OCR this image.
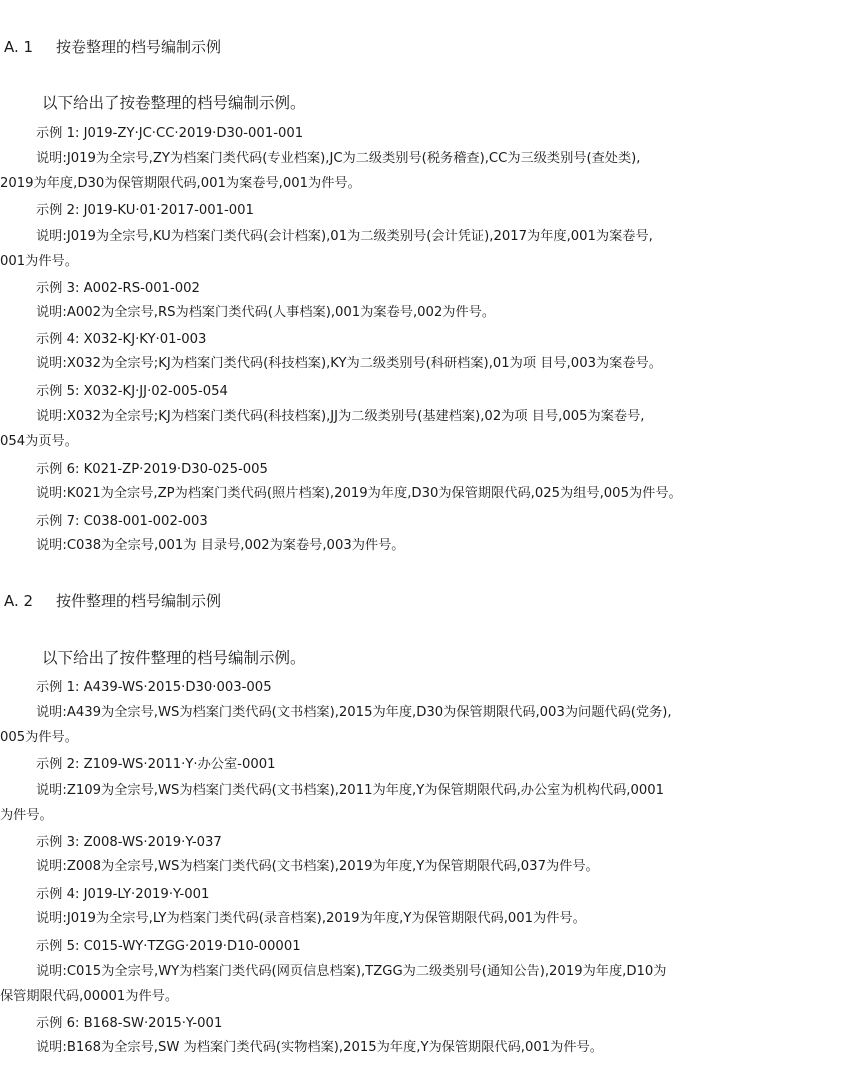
A. 1 按卷整理的档号编制示例
以下给出了按卷整理的档号编制示例。
示例 1: J019-ZY·JC·CC·2019·D30-001-001
说明:J019为全宗号,ZY为档案门类代码(专业档案),JC为二级类别号(税务稽查),CC为三级类别号(查处类),
2019为年度,D30为保管期限代码,001为案卷号,001为件号。
示例 2: J019-KU·01·2017-001-001
说明:J019为全宗号,KU为档案门类代码(会计档案),01为二级类别号(会计凭证),2017为年度,001为案卷号,
001为件号。
示例 3: A002-RS-001-002
说明:A002为全宗号,RS为档案门类代码(人事档案),001为案卷号,002为件号。
示例 4: X032-KJ·KY·01-003
说明:X032为全宗号;KJ为档案门类代码(科技档案),KY为二级类别号(科研档案),01为项 目号,003为案卷号。
示例 5: X032-KJ·JJ·02-005-054
说明:X032为全宗号;KJ为档案门类代码(科技档案),JJ为二级类别号(基建档案),02为项 目号,005为案卷号,
054为页号。
示例 6: K021-ZP·2019·D30-025-005
说明:K021为全宗号,ZP为档案门类代码(照片档案),2019为年度,D30为保管期限代码,025为组号,005为件号。
示例 7: C038-001-002-003
说明:C038为全宗号,001为 目录号,002为案卷号,003为件号。
A. 2 按件整理的档号编制示例
以下给出了按件整理的档号编制示例。
示例 1: A439-WS·2015·D30·003-005
说明:A439为全宗号,WS为档案门类代码(文书档案),2015为年度,D30为保管期限代码,003为问题代码(党务),
005为件号。
示例 2: Z109-WS·2011·Y·办公室-0001
说明:Z109为全宗号,WS为档案门类代码(文书档案),2011为年度,Y为保管期限代码,办公室为机构代码,0001
为件号。
示例 3: Z008-WS·2019·Y-037
说明:Z008为全宗号,WS为档案门类代码(文书档案),2019为年度,Y为保管期限代码,037为件号。
示例 4: J019-LY·2019·Y-001
说明:J019为全宗号,LY为档案门类代码(录音档案),2019为年度,Y为保管期限代码,001为件号。
示例 5: C015-WY·TZGG·2019·D10-00001
说明:C015为全宗号,WY为档案门类代码(网页信息档案),TZGG为二级类别号(通知公告),2019为年度,D10为
保管期限代码,00001为件号。
示例 6: B168-SW·2015·Y-001
说明:B168为全宗号,SW 为档案门类代码(实物档案),2015为年度,Y为保管期限代码,001为件号。
